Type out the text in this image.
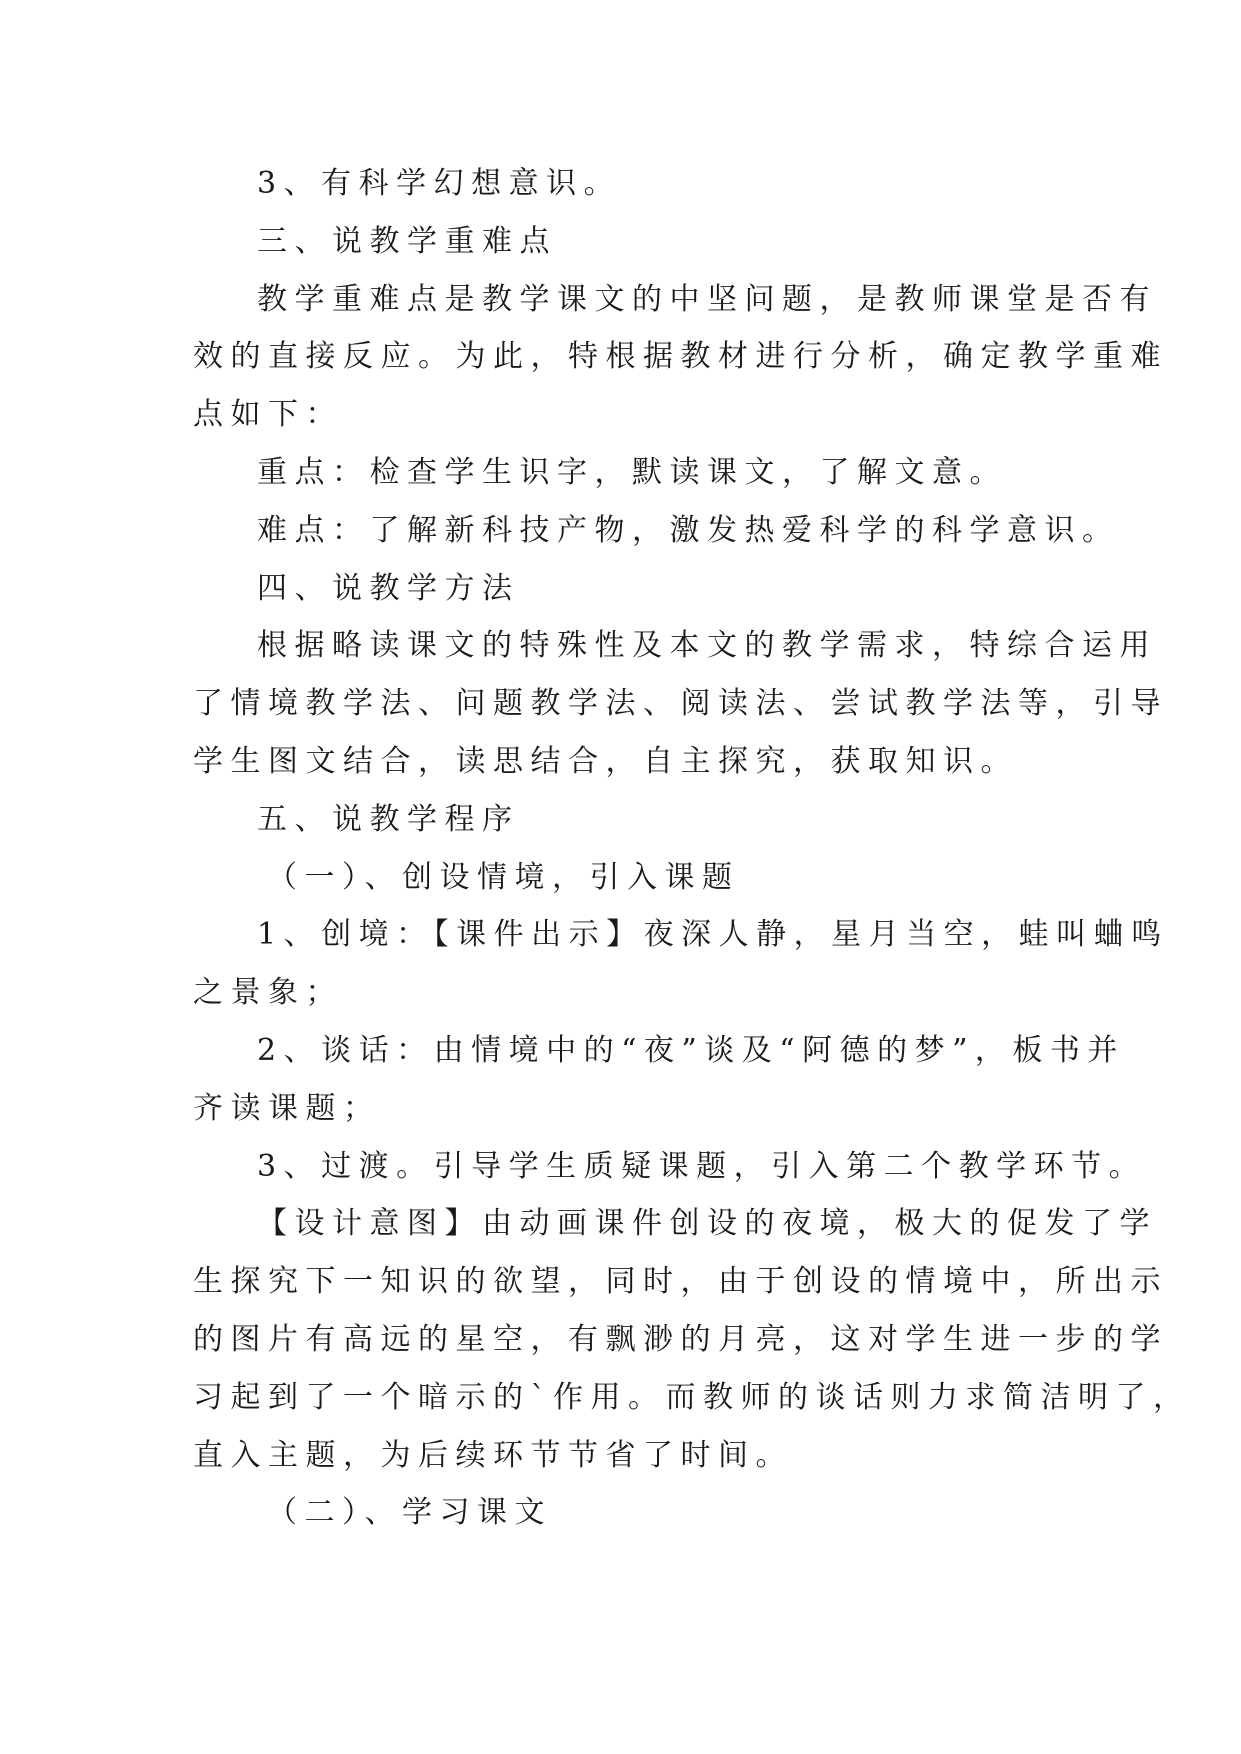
3、有科学幻想意识。

三、说教学重难点

教学重难点是教学课文的中坚问题，是教师课堂是否有

效的直接反应。为此，特根据教材进行分析，确定教学重难

点如下：

重点：检查学生识字，默读课文，了解文意。

难点：了解新科技产物，激发热爱科学的科学意识。

四、说教学方法

根据略读课文的特殊性及本文的教学需求，特综合运用

了情境教学法、问题教学法、阅读法、尝试教学法等，引导

学生图文结合，读思结合，自主探究，获取知识。

五、说教学程序

（一）、创设情境，引入课题

1、创境：【课件出示】夜深人静，星月当空，蛙叫蛐鸣

之景象；

2、谈话：由情境中的“夜”谈及“阿德的梦”，板书并

齐读课题；

3、过渡。引导学生质疑课题，引入第二个教学环节。

【设计意图】由动画课件创设的夜境，极大的促发了学

生探究下一知识的欲望，同时，由于创设的情境中，所出示

的图片有高远的星空，有飘渺的月亮，这对学生进一步的学

习起到了一个暗示的`作用。而教师的谈话则力求简洁明了，

直入主题，为后续环节节省了时间。

（二）、学习课文
